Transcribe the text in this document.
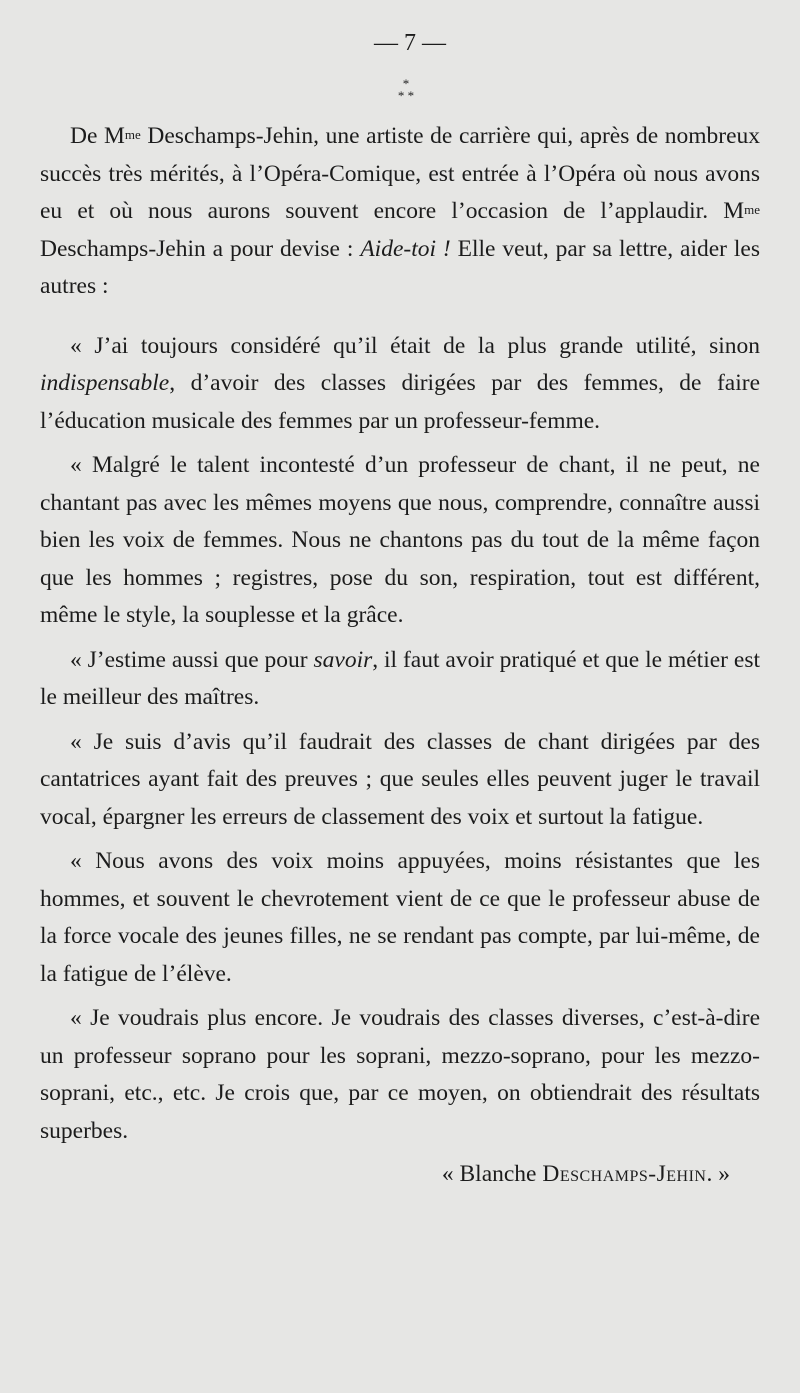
— 7 —

*
* *

De $M^{me}$ Deschamps-Jehin, une artiste de carrière qui, après de nombreux succès très mérités, à l’Opéra-Comique, est entrée à l’Opéra où nous avons eu et où nous aurons souvent encore l’occasion de l’applaudir. $M^{me}$ Deschamps-Jehin a pour devise : Aide-toi ! Elle veut, par sa lettre, aider les autres :

« J’ai toujours considéré qu’il était de la plus grande utilité, sinon indispensable, d’avoir des classes dirigées par des femmes, de faire l’éducation musicale des femmes par un professeur-femme.

« Malgré le talent incontesté d’un professeur de chant, il ne peut, ne chantant pas avec les mêmes moyens que nous, comprendre, connaître aussi bien les voix de femmes. Nous ne chantons pas du tout de la même façon que les hommes ; registres, pose du son, respiration, tout est différent, même le style, la souplesse et la grâce.

« J’estime aussi que pour savoir, il faut avoir pratiqué et que le métier est le meilleur des maîtres.

« Je suis d’avis qu’il faudrait des classes de chant dirigées par des cantatrices ayant fait des preuves ; que seules elles peuvent juger le travail vocal, épargner les erreurs de classement des voix et surtout la fatigue.

« Nous avons des voix moins appuyées, moins résistantes que les hommes, et souvent le chevrotement vient de ce que le professeur abuse de la force vocale des jeunes filles, ne se rendant pas compte, par lui-même, de la fatigue de l’élève.

« Je voudrais plus encore. Je voudrais des classes diverses, c’est-à-dire un professeur soprano pour les soprani, mezzo-soprano, pour les mezzo-soprani, etc., etc. Je crois que, par ce moyen, on obtiendrait des résultats superbes.

« Blanche Deschamps-Jehin. »
